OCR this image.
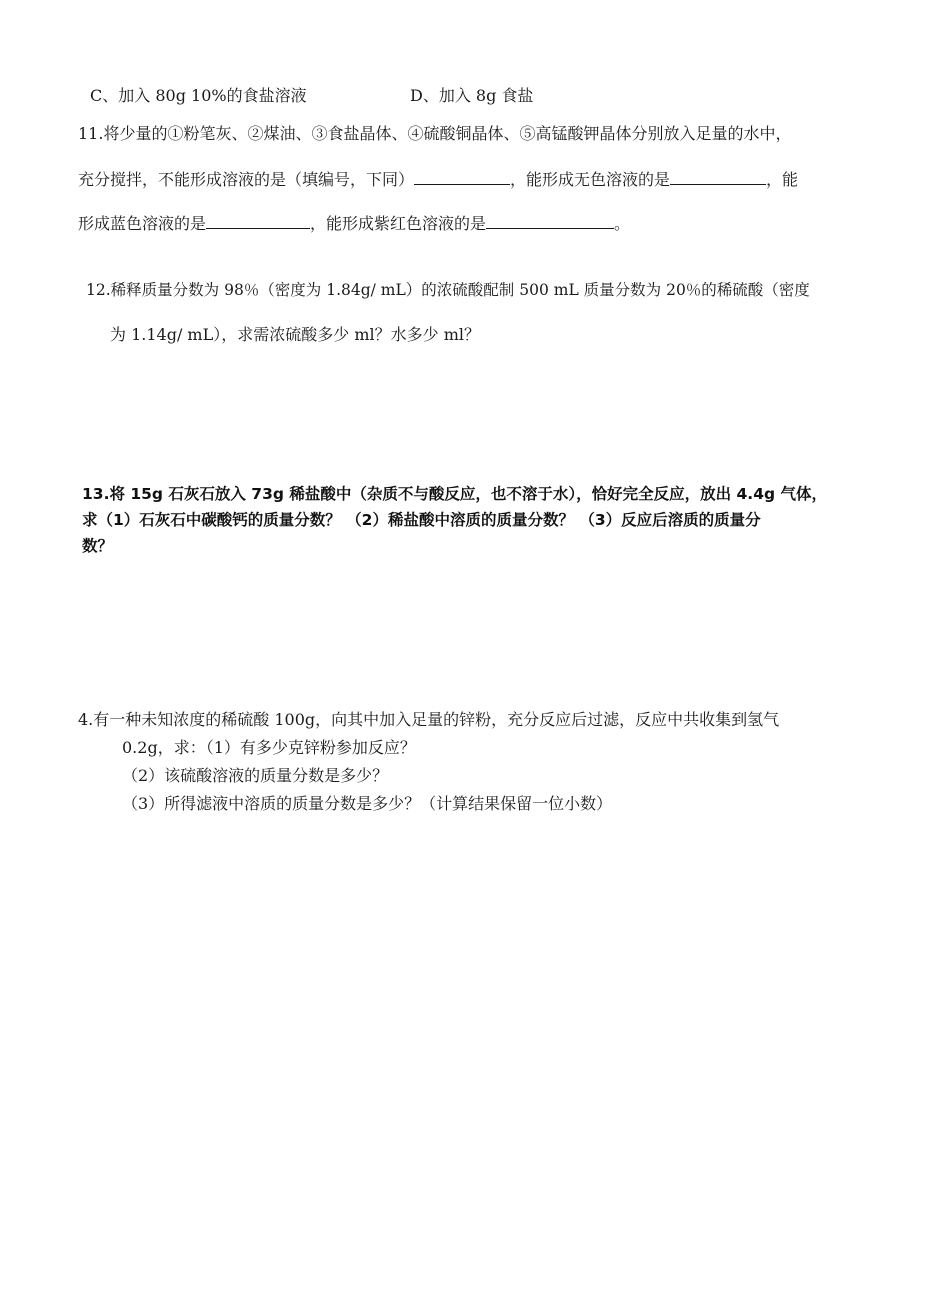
C、加入 80g 10%的食盐溶液	D、加入 8g 食盐
11.将少量的①粉笔灰、②煤油、③食盐晶体、④硫酸铜晶体、⑤高锰酸钾晶体分别放入足量的水中，
充分搅拌，不能形成溶液的是（填编号，下同）	，能形成无色溶液的是	，能
形成蓝色溶液的是	，能形成紫红色溶液的是	。
12.稀释质量分数为 98％（密度为 1.84g/ mL）的浓硫酸配制 500 mL 质量分数为 20％的稀硫酸（密度
为 1.14g/ mL），求需浓硫酸多少 ml？水多少 ml？
13.将 15g 石灰石放入 73g 稀盐酸中（杂质不与酸反应，也不溶于水），恰好完全反应，放出 4.4g 气体，
求（1）石灰石中碳酸钙的质量分数？ （2）稀盐酸中溶质的质量分数？ （3）反应后溶质的质量分
数？
4.有一种未知浓度的稀硫酸 100g，向其中加入足量的锌粉，充分反应后过滤，反应中共收集到氢气
0.2g，求：（1）有多少克锌粉参加反应？
（2）该硫酸溶液的质量分数是多少？
（3）所得滤液中溶质的质量分数是多少？（计算结果保留一位小数）
